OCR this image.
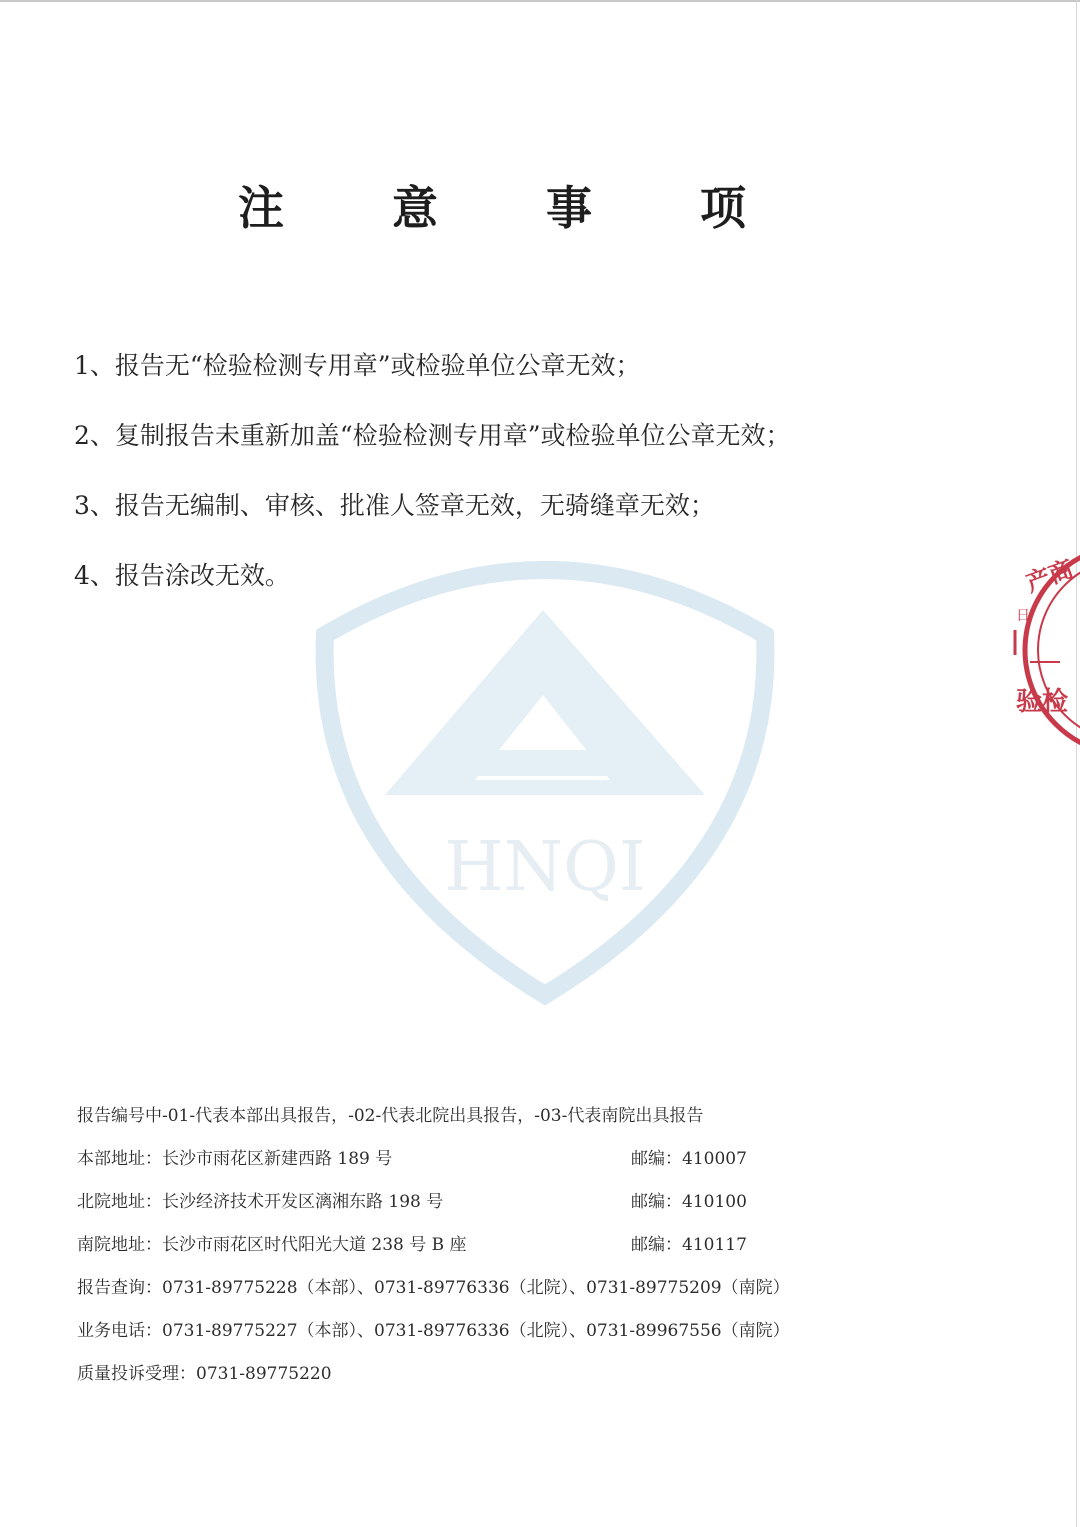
HNQI
产商
日
验检
注 意 事 项
1、报告无“检验检测专用章”或检验单位公章无效；
2、复制报告未重新加盖“检验检测专用章”或检验单位公章无效；
3、报告无编制、审核、批准人签章无效，无骑缝章无效；
4、报告涂改无效。
报告编号中-01-代表本部出具报告，-02-代表北院出具报告，-03-代表南院出具报告
本部地址：长沙市雨花区新建西路 189 号	邮编：410007
北院地址：长沙经济技术开发区漓湘东路 198 号	邮编：410100
南院地址：长沙市雨花区时代阳光大道 238 号 B 座	邮编：410117
报告查询：0731-89775228（本部）、0731-89776336（北院）、0731-89775209（南院）
业务电话：0731-89775227（本部）、0731-89776336（北院）、0731-89967556（南院）
质量投诉受理：0731-89775220
